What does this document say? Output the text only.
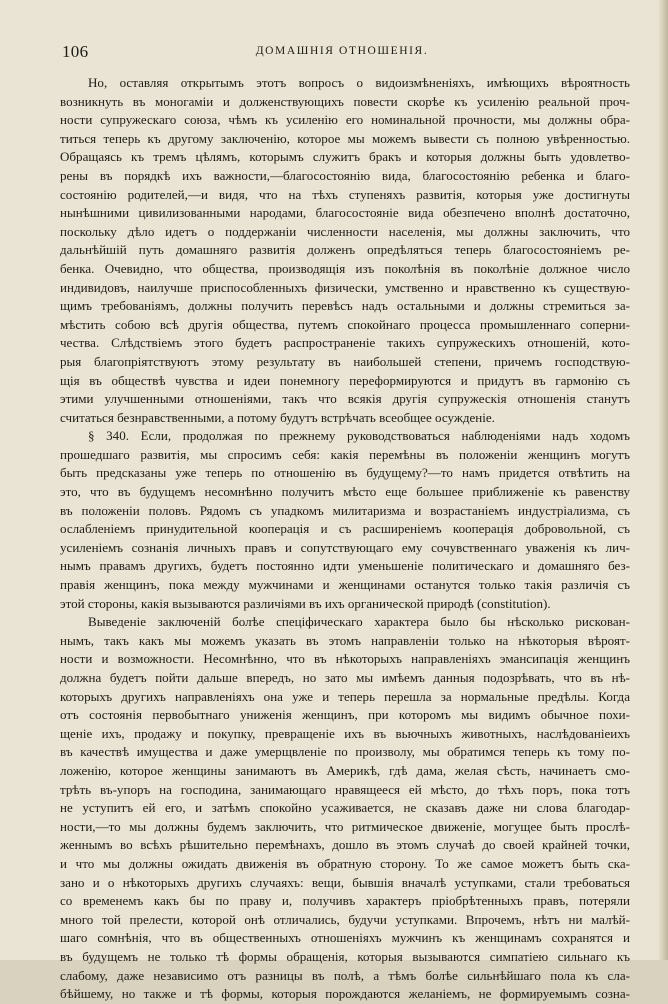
106	ДОМАШНІЯ ОТНОШЕНІЯ.
Но, оставляя открытымъ этотъ вопросъ о видоизмѣненіяхъ, имѣющихъ вѣроятность
возникнуть въ моногаміи и долженствующихъ повести скорѣе къ усиленію реальной проч-
ности супружескаго союза, чѣмъ къ усиленію его номинальной прочности, мы должны обра-
титься теперь къ другому заключенію, которое мы можемъ вывести съ полною увѣренностью.
Обращаясь къ тремъ цѣлямъ, которымъ служитъ бракъ и которыя должны быть удовлетво-
рены въ порядкѣ ихъ важности,—благосостоянію вида, благосостоянію ребенка и благо-
состоянію родителей,—и видя, что на тѣхъ ступеняхъ развитія, которыя уже достигнуты
нынѣшними цивилизованными народами, благосостояніе вида обезпечено вполнѣ достаточно,
поскольку дѣло идетъ о поддержаніи численности населенія, мы должны заключить, что
дальнѣйшій путь домашняго развитія долженъ опредѣляться теперь благосостояніемъ ре-
бенка. Очевидно, что общества, производящія изъ поколѣнія въ поколѣніе должное число
индивидовъ, наилучше приспособленныхъ физически, умственно и нравственно къ существую-
щимъ требованіямъ, должны получить перевѣсъ надъ остальными и должны стремиться за-
мѣстить собою всѣ другія общества, путемъ спокойнаго процесса промышленнаго соперни-
чества. Слѣдствіемъ этого будетъ распространеніе такихъ супружескихъ отношеній, кото-
рыя благопріятствуютъ этому результату въ наибольшей степени, причемъ господствую-
щія въ обществѣ чувства и идеи понемногу переформируются и придутъ въ гармонію съ
этими улучшенными отношеніями, такъ что всякія другія супружескія отношенія станутъ
считаться безнравственными, а потому будутъ встрѣчать всеобщее осужденіе.
§ 340. Если, продолжая по прежнему руководствоваться наблюденіями надъ ходомъ
прошедшаго развитія, мы спросимъ себя: какія перемѣны въ положеніи женщинъ могутъ
быть предсказаны уже теперь по отношенію въ будущему?—то намъ придется отвѣтить на
это, что въ будущемъ несомнѣнно получитъ мѣсто еще большее приближеніе къ равенству
въ положеніи половъ. Рядомъ съ упадкомъ милитаризма и возрастаніемъ индустріализма, съ
ослабленіемъ принудительной кооперація и съ расширеніемъ кооперація добровольной, съ
усиленіемъ сознанія личныхъ правъ и сопутствующаго ему сочувственнаго уваженія къ лич-
нымъ правамъ другихъ, будетъ постоянно идти уменьшеніе политическаго и домашняго без-
правія женщинъ, пока между мужчинами и женщинами останутся только такія различія съ
этой стороны, какія вызываются различіями въ ихъ органической природѣ (constitution).
Выведеніе заключеній болѣе спеціфическаго характера было бы нѣсколько рискован-
нымъ, такъ какъ мы можемъ указать въ этомъ направленіи только на нѣкоторыя вѣроят-
ности и возможности. Несомнѣнно, что въ нѣкоторыхъ направленіяхъ эмансипація женщинъ
должна будетъ пойти дальше впередъ, но зато мы имѣемъ данныя подозрѣвать, что въ нѣ-
которыхъ другихъ направленіяхъ она уже и теперь перешла за нормальные предѣлы. Когда
отъ состоянія первобытнаго униженія женщинъ, при которомъ мы видимъ обычное похи-
щеніе ихъ, продажу и покупку, превращеніе ихъ въ вьючныхъ животныхъ, наслѣдованіеихъ
въ качествѣ имущества и даже умерщвленіе по произволу, мы обратимся теперь къ тому по-
ложенію, которое женщины занимаютъ въ Америкѣ, гдѣ дама, желая сѣсть, начинаетъ смо-
трѣть въ-упоръ на господина, занимающаго нравящееся ей мѣсто, до тѣхъ поръ, пока тотъ
не уступитъ ей его, и затѣмъ спокойно усаживается, не сказавъ даже ни слова благодар-
ности,—то мы должны будемъ заключить, что ритмическое движеніе, могущее быть прослѣ-
женнымъ во всѣхъ рѣшительно перемѣнахъ, дошло въ этомъ случаѣ до своей крайней точки,
и что мы должны ожидать движенія въ обратную сторону. То же самое можетъ быть ска-
зано и о нѣкоторыхъ другихъ случаяхъ: вещи, бывшія вначалѣ уступками, стали требоваться
со временемъ какъ бы по праву и, получивъ характеръ пріобрѣтенныхъ правъ, потеряли
много той прелести, которой онѣ отличались, будучи уступками. Впрочемъ, нѣтъ ни малѣй-
шаго сомнѣнія, что въ общественныхъ отношеніяхъ мужчинъ къ женщинамъ сохранятся и
въ будущемъ не только тѣ формы обращенія, которыя вызываются симпатіею сильнаго къ
слабому, даже независимо отъ разницы въ полѣ, а тѣмъ болѣе сильнѣйшаго пола къ сла-
бѣйшему, но также и тѣ формы, которыя порождаются желаніемъ, не формируемымъ созна-
